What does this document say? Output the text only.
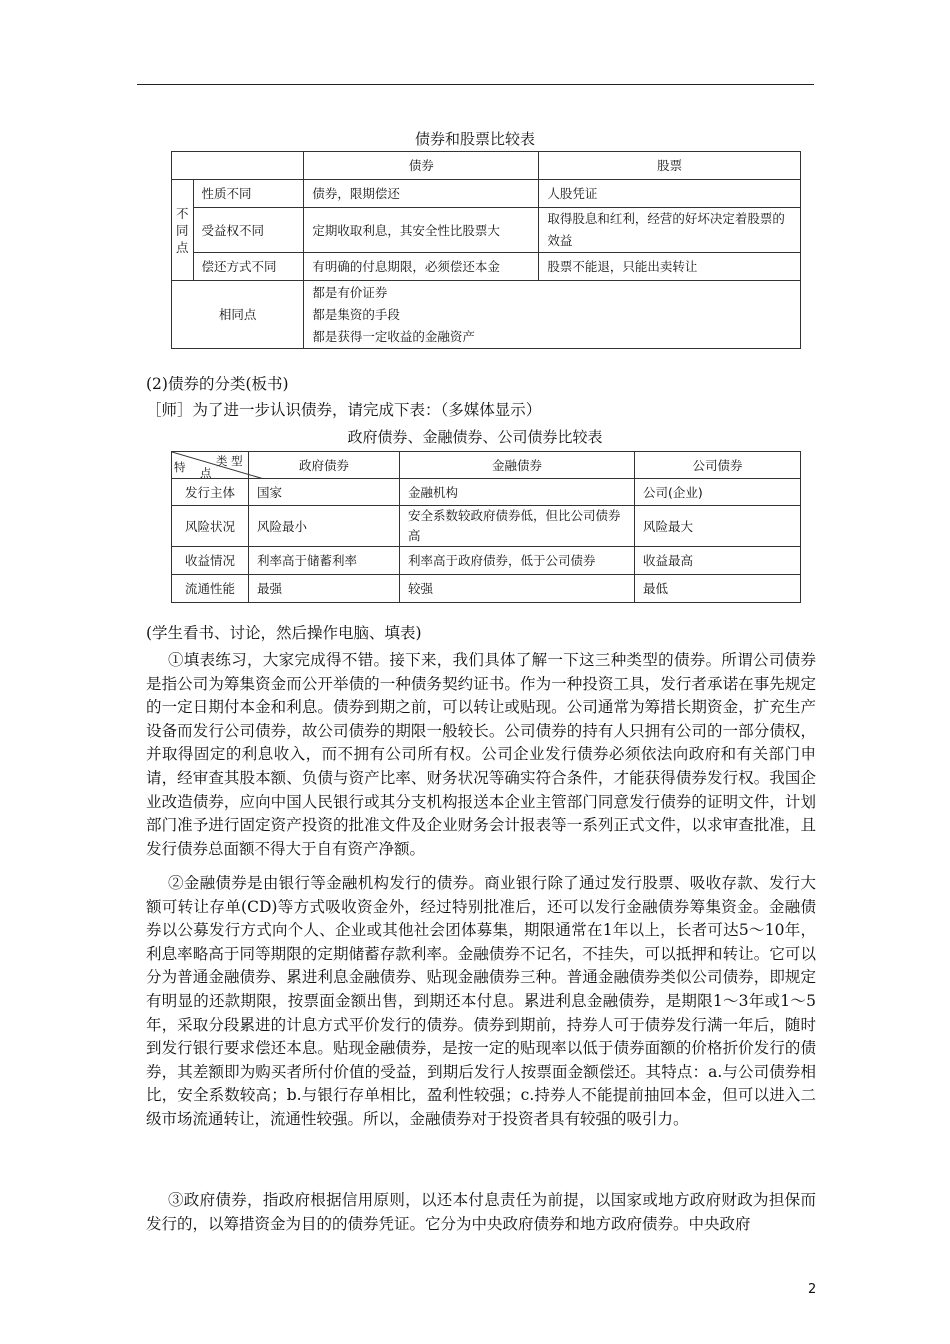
债券和股票比较表
		债券	股票
不
同
点	性质不同	债券，限期偿还	人股凭证
	受益权不同	定期收取利息，其安全性比股票大	取得股息和红利，经营的好坏决定着股票的效益
	偿还方式不同	有明确的付息期限，必须偿还本金	股票不能退，只能出卖转让
相同点		都是有价证券
都是集资的手段
都是获得一定收益的金融资产	
(2)债券的分类(板书)
［师］为了进一步认识债券，请完成下表：（多媒体显示）
政府债券、金融债券、公司债券比较表
类 型
特 点	政府债券	金融债券	公司债券
发行主体	国家	金融机构	公司(企业)
风险状况	风险最小	安全系数较政府债券低，但比公司债券高	风险最大
收益情况	利率高于储蓄利率	利率高于政府债券，低于公司债券	收益最高
流通性能	最强	较强	最低
(学生看书、讨论，然后操作电脑、填表)
①填表练习，大家完成得不错。接下来，我们具体了解一下这三种类型的债券。所谓公司债券是指公司为筹集资金而公开举债的一种债务契约证书。作为一种投资工具，发行者承诺在事先规定的一定日期付本金和利息。债券到期之前，可以转让或贴现。公司通常为筹措长期资金，扩充生产设备而发行公司债券，故公司债券的期限一般较长。公司债券的持有人只拥有公司的一部分债权，并取得固定的利息收入，而不拥有公司所有权。公司企业发行债券必须依法向政府和有关部门申请，经审查其股本额、负债与资产比率、财务状况等确实符合条件，才能获得债券发行权。我国企业改造债券，应向中国人民银行或其分支机构报送本企业主管部门同意发行债券的证明文件，计划部门准予进行固定资产投资的批准文件及企业财务会计报表等一系列正式文件，以求审查批准，且发行债券总面额不得大于自有资产净额。
②金融债券是由银行等金融机构发行的债券。商业银行除了通过发行股票、吸收存款、发行大额可转让存单(CD)等方式吸收资金外，经过特别批准后，还可以发行金融债券筹集资金。金融债券以公募发行方式向个人、企业或其他社会团体募集，期限通常在1年以上，长者可达5～10年，利息率略高于同等期限的定期储蓄存款利率。金融债券不记名，不挂失，可以抵押和转让。它可以分为普通金融债券、累进利息金融债券、贴现金融债券三种。普通金融债券类似公司债券，即规定有明显的还款期限，按票面金额出售，到期还本付息。累进利息金融债券，是期限1～3年或1～5年，采取分段累进的计息方式平价发行的债券。债券到期前，持券人可于债券发行满一年后，随时到发行银行要求偿还本息。贴现金融债券，是按一定的贴现率以低于债券面额的价格折价发行的债券，其差额即为购买者所付价值的受益，到期后发行人按票面金额偿还。其特点：a.与公司债券相比，安全系数较高；b.与银行存单相比，盈利性较强；c.持券人不能提前抽回本金，但可以进入二级市场流通转让，流通性较强。所以，金融债券对于投资者具有较强的吸引力。
③政府债券，指政府根据信用原则，以还本付息责任为前提，以国家或地方政府财政为担保而发行的，以筹措资金为目的的债券凭证。它分为中央政府债券和地方政府债券。中央政府
2
